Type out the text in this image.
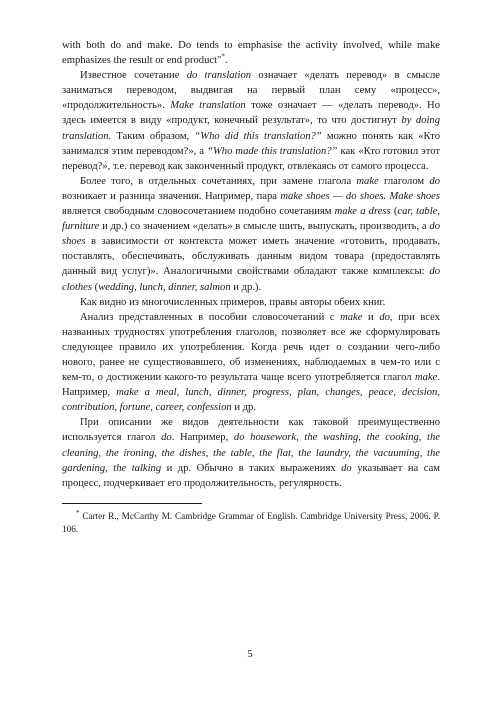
with both do and make. Do tends to emphasise the activity involved, while make emphasizes the result or end product"*.

Известное сочетание do translation означает «делать перевод» в смысле заниматься переводом, выдвигая на первый план сему «процесс», «продолжительность». Make translation тоже означает — «делать перевод». Но здесь имеется в виду «продукт, конечный результат», то что достигнут by doing translation. Таким образом, “Who did this translation?” можно понять как «Кто занимался этим переводом?», а “Who made this translation?” как «Кто готовил этот перевод?», т.е. перевод как законченный продукт, отвлекаясь от самого процесса.

Более того, в отдельных сочетаниях, при замене глагола make глаголом do возникает и разница значения. Например, пара make shoes — do shoes. Make shoes является свободным словосочетанием подобно сочетаниям make a dress (car, table, furniture и др.) со значением «делать» в смысле шить, выпускать, производить, а do shoes в зависимости от контекста может иметь значение «готовить, продавать, поставлять, обеспечивать, обслуживать данным видом товара (предоставлять данный вид услуг)». Аналогичными свойствами обладают также комплексы: do clothes (wedding, lunch, dinner, salmon и др.).

Как видно из многочисленных примеров, правы авторы обеих книг.

Анализ представленных в пособии словосочетаний с make и do, при всех названных трудностях употребления глаголов, позволяет все же сформулировать следующее правило их употребления. Когда речь идет о создании чего-либо нового, ранее не существовавшего, об изменениях, наблюдаемых в чем-то или с кем-то, о достижении какого-то результата чаще всего употребляется глагол make. Например, make a meal, lunch, dinner, progress, plan, changes, peace, decision, contribution, fortune, career, confession и др.

При описании же видов деятельности как таковой преимущественно используется глагол do. Например, do housework, the washing, the cooking, the cleaning, the ironing, the dishes, the table, the flat, the laundry, the vacuuming, the gardening, the talking и др. Обычно в таких выражениях do указывает на сам процесс, подчеркивает его продолжительность, регулярность.

* Carter R., McCarthy M. Cambridge Grammar of English. Cambridge University Press, 2006. P. 106.

5
